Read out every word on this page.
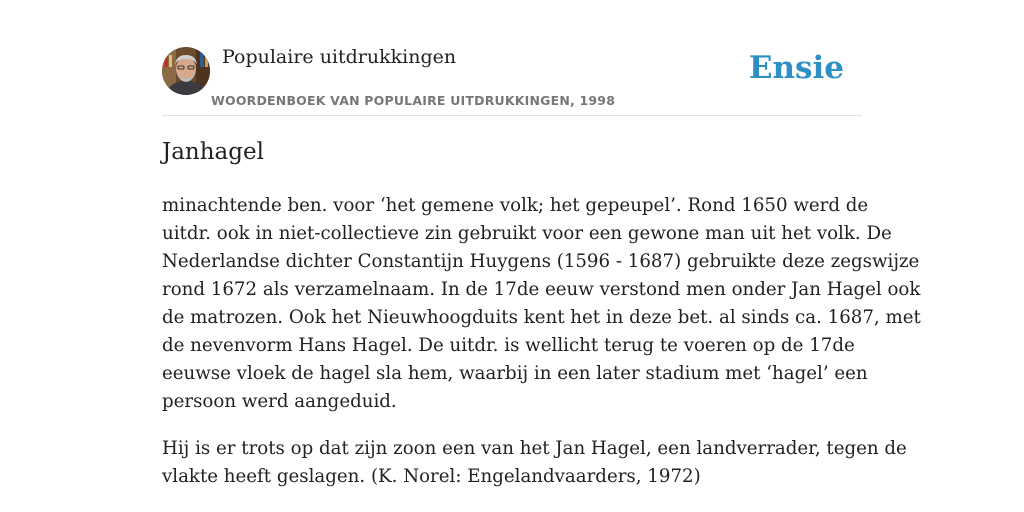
Populaire uitdrukkingen
WOORDENBOEK VAN POPULAIRE UITDRUKKINGEN, 1998
Ensie
Janhagel

minachtende ben. voor ‘het gemene volk; het gepeupel’. Rond 1650 werd de
uitdr. ook in niet-collectieve zin gebruikt voor een gewone man uit het volk. De
Nederlandse dichter Constantijn Huygens (1596 - 1687) gebruikte deze zegswijze
rond 1672 als verzamelnaam. In de 17de eeuw verstond men onder Jan Hagel ook
de matrozen. Ook het Nieuwhoogduits kent het in deze bet. al sinds ca. 1687, met
de nevenvorm Hans Hagel. De uitdr. is wellicht terug te voeren op de 17de
eeuwse vloek de hagel sla hem, waarbij in een later stadium met ‘hagel’ een
persoon werd aangeduid.

Hij is er trots op dat zijn zoon een van het Jan Hagel, een landverrader, tegen de
vlakte heeft geslagen. (K. Norel: Engelandvaarders, 1972)
